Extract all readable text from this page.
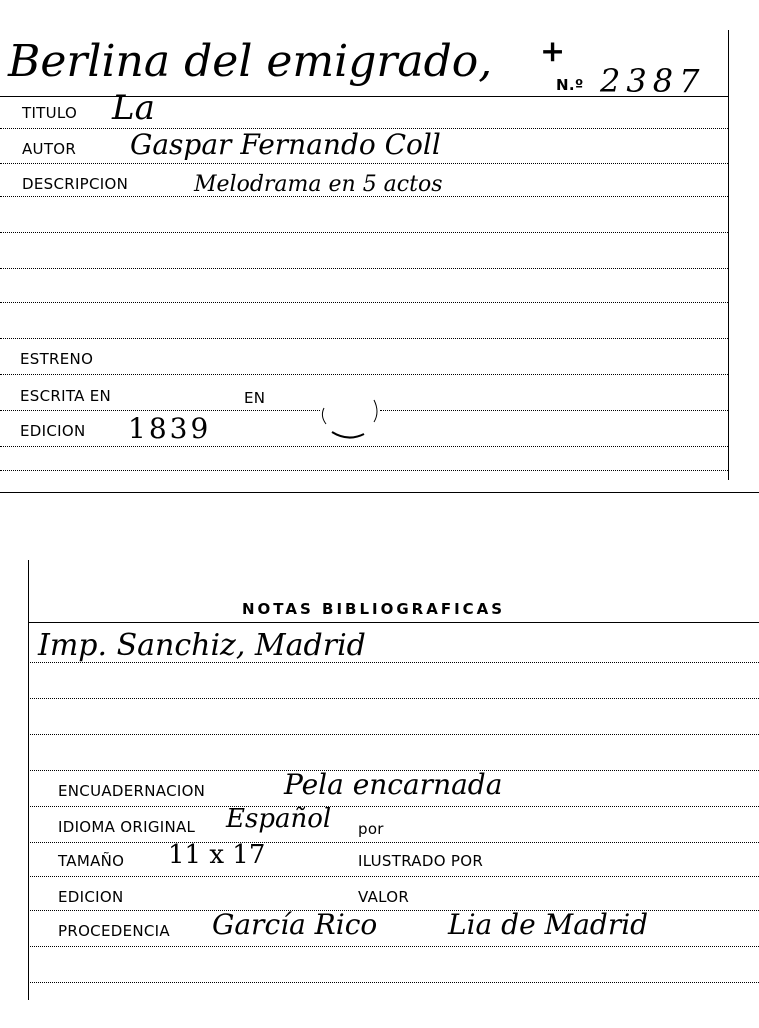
Berlina del emigrado, +
N.º 2387
TITULO La
AUTOR Gaspar Fernando Coll
DESCRIPCION	Melodrama en 5 actos
ESTRENO
ESCRITA EN	EN
EDICION 1839
NOTAS BIBLIOGRAFICAS
Imp. Sanchiz, Madrid
ENCUADERNACION	Pela encarnada
IDIOMA ORIGINAL Español por
TAMAÑO 11 x 17	ILUSTRADO POR
EDICION	VALOR
PROCEDENCIA García Rico	Lia de Madrid
